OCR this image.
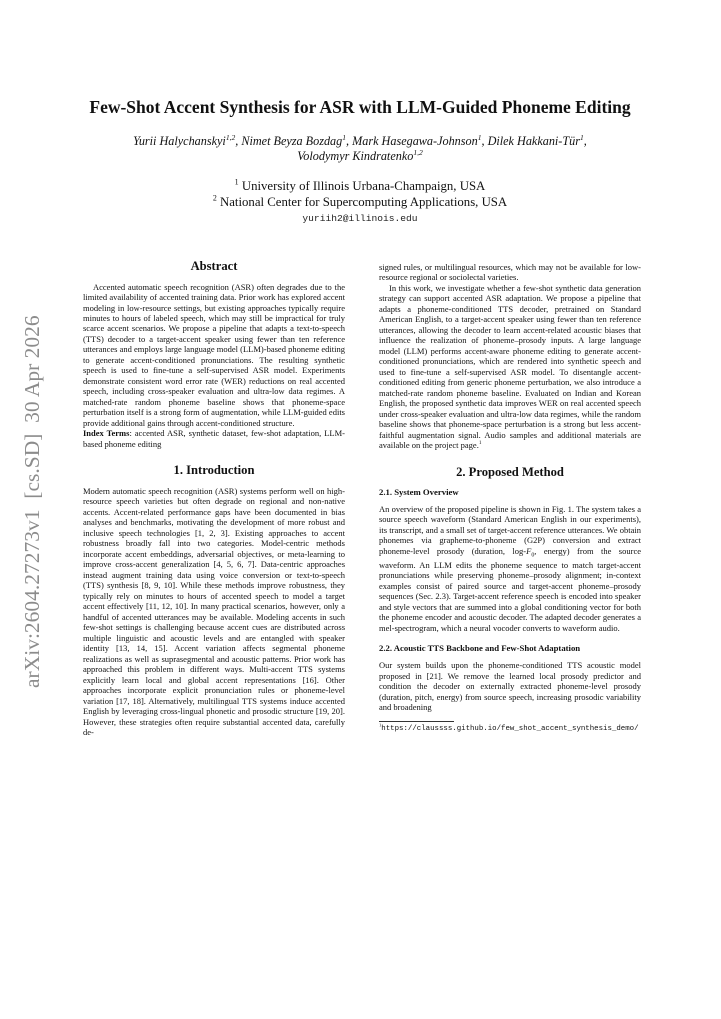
arXiv:2604.27273v1  [cs.SD]  30 Apr 2026
Few-Shot Accent Synthesis for ASR with LLM-Guided Phoneme Editing
Yurii Halychanskyi$^{1,2}$, Nimet Beyza Bozdag$^1$, Mark Hasegawa-Johnson$^1$, Dilek Hakkani-Tür$^1$,
Volodymyr Kindratenko$^{1,2}$
$^1$ University of Illinois Urbana-Champaign, USA
$^2$ National Center for Supercomputing Applications, USA
yuriih2@illinois.edu
Abstract

Accented automatic speech recognition (ASR) often degrades due to the limited availability of accented training data. Prior work has explored accent modeling in low-resource settings, but existing approaches typically require minutes to hours of labeled speech, which may still be impractical for truly scarce accent scenarios. We propose a pipeline that adapts a text-to-speech (TTS) decoder to a target-accent speaker using fewer than ten reference utterances and employs large language model (LLM)-based phoneme editing to generate accent-conditioned pronunciations. The resulting synthetic speech is used to fine-tune a self-supervised ASR model. Experiments demonstrate consistent word error rate (WER) reductions on real accented speech, including cross-speaker evaluation and ultra-low data regimes. A matched-rate random phoneme baseline shows that phoneme-space perturbation itself is a strong form of augmentation, while LLM-guided edits provide additional gains through accent-conditioned structure.

Index Terms: accented ASR, synthetic dataset, few-shot adaptation, LLM-based phoneme editing

1. Introduction

Modern automatic speech recognition (ASR) systems perform well on high-resource speech varieties but often degrade on regional and non-native accents. Accent-related performance gaps have been documented in bias analyses and benchmarks, motivating the development of more robust and inclusive speech technologies [1, 2, 3]. Existing approaches to accent robustness broadly fall into two categories. Model-centric methods incorporate accent embeddings, adversarial objectives, or meta-learning to improve cross-accent generalization [4, 5, 6, 7]. Data-centric approaches instead augment training data using voice conversion or text-to-speech (TTS) synthesis [8, 9, 10]. While these methods improve robustness, they typically rely on minutes to hours of accented speech to model a target accent effectively [11, 12, 10]. In many practical scenarios, however, only a handful of accented utterances may be available. Modeling accents in such few-shot settings is challenging because accent cues are distributed across multiple linguistic and acoustic levels and are entangled with speaker identity [13, 14, 15]. Accent variation affects segmental phoneme realizations as well as suprasegmental and acoustic patterns. Prior work has approached this problem in different ways. Multi-accent TTS systems explicitly learn local and global accent representations [16]. Other approaches incorporate explicit pronunciation rules or phoneme-level variation [17, 18]. Alternatively, multilingual TTS systems induce accented English by leveraging cross-lingual phonetic and prosodic structure [19, 20]. However, these strategies often require substantial accented data, carefully de-

signed rules, or multilingual resources, which may not be available for low-resource regional or sociolectal varieties.

In this work, we investigate whether a few-shot synthetic data generation strategy can support accented ASR adaptation. We propose a pipeline that adapts a phoneme-conditioned TTS decoder, pretrained on Standard American English, to a target-accent speaker using fewer than ten reference utterances, allowing the decoder to learn accent-related acoustic biases that influence the realization of phoneme–prosody inputs. A large language model (LLM) performs accent-aware phoneme editing to generate accent-conditioned pronunciations, which are rendered into synthetic speech and used to fine-tune a self-supervised ASR model. To disentangle accent-conditioned editing from generic phoneme perturbation, we also introduce a matched-rate random phoneme baseline. Evaluated on Indian and Korean English, the proposed synthetic data improves WER on real accented speech under cross-speaker evaluation and ultra-low data regimes, while the random baseline shows that phoneme-space perturbation is a strong but less accent-faithful augmentation signal. Audio samples and additional materials are available on the project page.$^1$

2. Proposed Method
2.1. System Overview

An overview of the proposed pipeline is shown in Fig. 1. The system takes a source speech waveform (Standard American English in our experiments), its transcript, and a small set of target-accent reference utterances. We obtain phonemes via grapheme-to-phoneme (G2P) conversion and extract phoneme-level prosody (duration, $\log-F_0$, energy) from the source waveform. An LLM edits the phoneme sequence to match target-accent pronunciations while preserving phoneme–prosody alignment; in-context examples consist of paired source and target-accent phoneme–prosody sequences (Sec. 2.3). Target-accent reference speech is encoded into speaker and style vectors that are summed into a global conditioning vector for both the phoneme encoder and acoustic decoder. The adapted decoder generates a mel-spectrogram, which a neural vocoder converts to waveform audio.

2.2. Acoustic TTS Backbone and Few-Shot Adaptation

Our system builds upon the phoneme-conditioned TTS acoustic model proposed in [21]. We remove the learned local prosody predictor and condition the decoder on externally extracted phoneme-level prosody (duration, pitch, energy) from source speech, increasing prosodic variability and broadening

$^1$https://claussss.github.io/few_shot_accent_synthesis_demo/
